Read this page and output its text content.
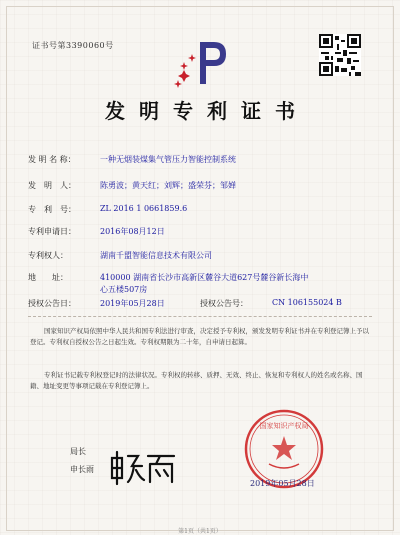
证书号第3390060号
发明专利证书
发 明 名 称：	一种无烟装煤集气管压力智能控制系统
发　明　人：	陈勇波；黄天红；刘辉；盛荣芬；邹婵
专　利　号：	ZL 2016 1 0661859.6
专利申请日：	2016年08月12日
专利权人：	湖南千盟智能信息技术有限公司
地　　址：	410000 湖南省长沙市高新区麓谷大道627号麓谷新长海中
心五楼507房
授权公告日：	2019年05月28日	授权公告号：	CN 106155024 B
国家知识产权局依照中华人民共和国专利法进行审查，决定授予专利权，颁发发明专利证书并在专利登记簿上予以登记。专利权自授权公告之日起生效。专利权期限为二十年，自申请日起算。
专利证书记载专利权登记时的法律状况。专利权的转移、质押、无效、终止、恢复和专利权人的姓名或名称、国籍、地址变更等事项记载在专利登记簿上。
局长
申长雨
国家知识产权局
2019年05月28日
第1页（共1页）
